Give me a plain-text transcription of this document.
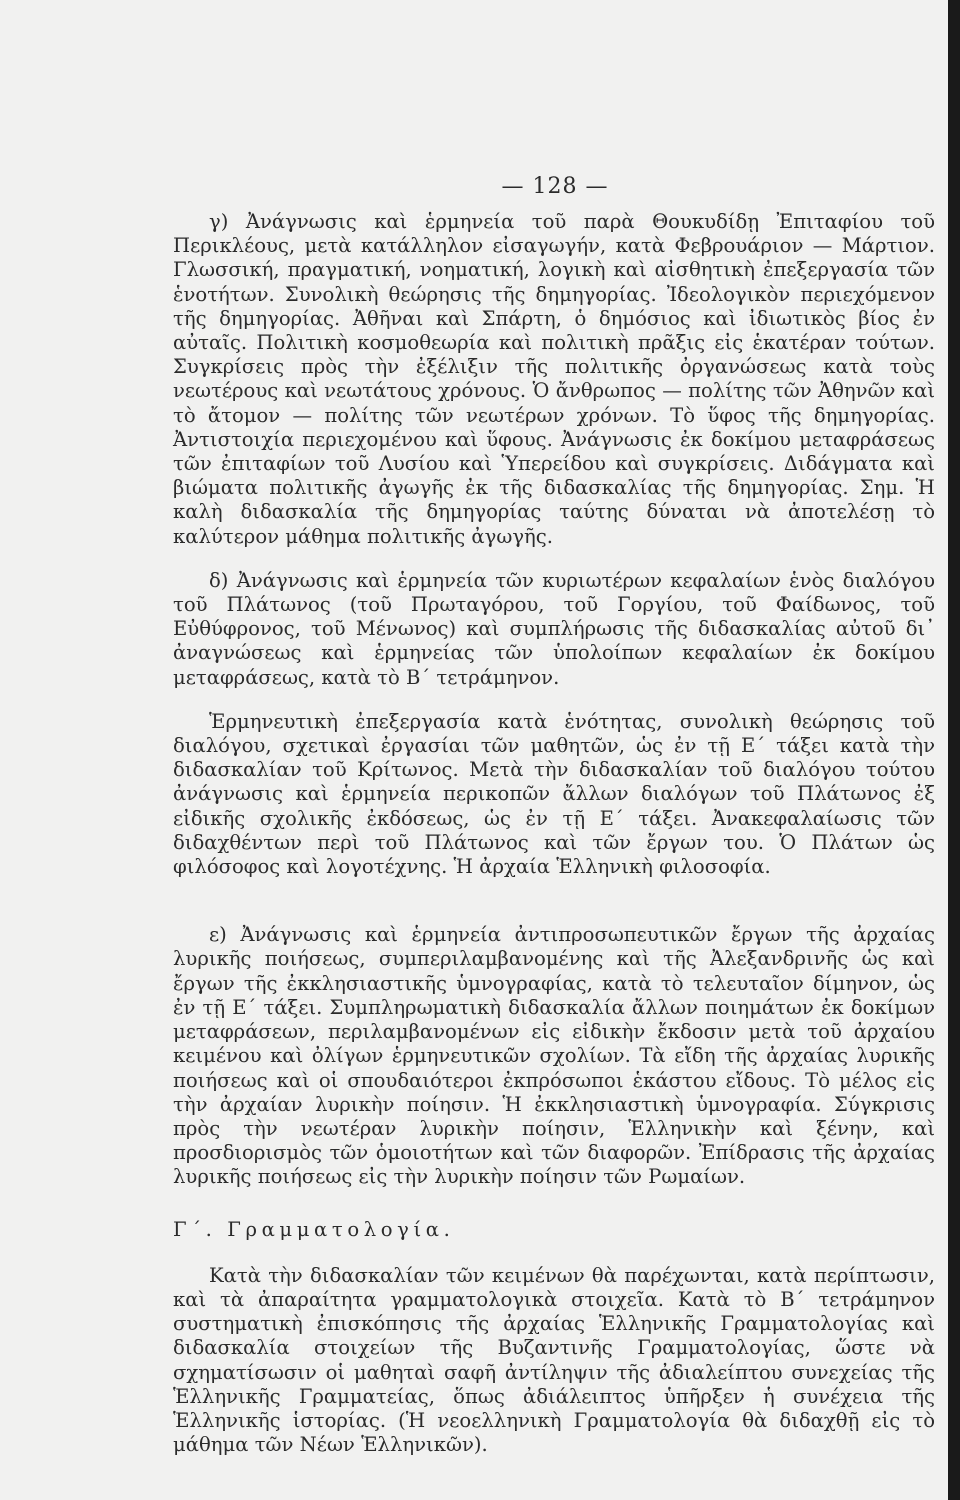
— 128 —

γ) Ἀνάγνωσις καὶ ἑρμηνεία τοῦ παρὰ Θουκυδίδῃ Ἐπιταφίου τοῦ Περικλέους, μετὰ κατάλληλον εἰσαγωγήν, κατὰ Φεβρουάριον — Μάρτιον. Γλωσσική, πραγματική, νοηματική, λογικὴ καὶ αἰσθητικὴ ἐπεξεργασία τῶν ἑνοτήτων. Συνολικὴ θεώρησις τῆς δημηγορίας. Ἰδεολογικὸν περιεχόμενον τῆς δημηγορίας. Ἀθῆναι καὶ Σπάρτη, ὁ δημόσιος καὶ ἰδιωτικὸς βίος ἐν αὐταῖς. Πολιτικὴ κοσμοθεωρία καὶ πολιτικὴ πρᾶξις εἰς ἑκατέραν τούτων. Συγκρίσεις πρὸς τὴν ἐξέλιξιν τῆς πολιτικῆς ὀργανώσεως κατὰ τοὺς νεωτέρους καὶ νεωτάτους χρόνους. Ὁ ἄνθρωπος — πολίτης τῶν Ἀθηνῶν καὶ τὸ ἄτομον — πολίτης τῶν νεωτέρων χρόνων. Τὸ ὕφος τῆς δημηγορίας. Ἀντιστοιχία περιεχομένου καὶ ὕφους. Ἀνάγνωσις ἐκ δοκίμου μεταφράσεως τῶν ἐπιταφίων τοῦ Λυσίου καὶ Ὑπερείδου καὶ συγκρίσεις. Διδάγματα καὶ βιώματα πολιτικῆς ἀγωγῆς ἐκ τῆς διδασκαλίας τῆς δημηγορίας. Σημ. Ἡ καλὴ διδασκαλία τῆς δημηγορίας ταύτης δύναται νὰ ἀποτελέσῃ τὸ καλύτερον μάθημα πολιτικῆς ἀγωγῆς.

δ) Ἀνάγνωσις καὶ ἑρμηνεία τῶν κυριωτέρων κεφαλαίων ἑνὸς διαλόγου τοῦ Πλάτωνος (τοῦ Πρωταγόρου, τοῦ Γοργίου, τοῦ Φαίδωνος, τοῦ Εὐθύφρονος, τοῦ Μένωνος) καὶ συμπλήρωσις τῆς διδασκαλίας αὐτοῦ δι᾿ ἀναγνώσεως καὶ ἑρμηνείας τῶν ὑπολοίπων κεφαλαίων ἐκ δοκίμου μεταφράσεως, κατὰ τὸ Β΄ τετράμηνον.

Ἑρμηνευτικὴ ἐπεξεργασία κατὰ ἑνότητας, συνολικὴ θεώρησις τοῦ διαλόγου, σχετικαὶ ἐργασίαι τῶν μαθητῶν, ὡς ἐν τῇ Ε΄ τάξει κατὰ τὴν διδασκαλίαν τοῦ Κρίτωνος. Μετὰ τὴν διδασκαλίαν τοῦ διαλόγου τούτου ἀνάγνωσις καὶ ἑρμηνεία περικοπῶν ἄλλων διαλόγων τοῦ Πλάτωνος ἐξ εἰδικῆς σχολικῆς ἐκδόσεως, ὡς ἐν τῇ Ε΄ τάξει. Ἀνακεφαλαίωσις τῶν διδαχθέντων περὶ τοῦ Πλάτωνος καὶ τῶν ἔργων του. Ὁ Πλάτων ὡς φιλόσοφος καὶ λογοτέχνης. Ἡ ἀρχαία Ἑλληνικὴ φιλοσοφία.

ε) Ἀνάγνωσις καὶ ἑρμηνεία ἀντιπροσωπευτικῶν ἔργων τῆς ἀρχαίας λυρικῆς ποιήσεως, συμπεριλαμβανομένης καὶ τῆς Ἀλεξανδρινῆς ὡς καὶ ἔργων τῆς ἐκκλησιαστικῆς ὑμνογραφίας, κατὰ τὸ τελευταῖον δίμηνον, ὡς ἐν τῇ Ε΄ τάξει. Συμπληρωματικὴ διδασκαλία ἄλλων ποιημάτων ἐκ δοκίμων μεταφράσεων, περιλαμβανομένων εἰς εἰδικὴν ἔκδοσιν μετὰ τοῦ ἀρχαίου κειμένου καὶ ὀλίγων ἑρμηνευτικῶν σχολίων. Τὰ εἴδη τῆς ἀρχαίας λυρικῆς ποιήσεως καὶ οἱ σπουδαιότεροι ἐκπρόσωποι ἑκάστου εἴδους. Τὸ μέλος εἰς τὴν ἀρχαίαν λυρικὴν ποίησιν. Ἡ ἐκκλησιαστικὴ ὑμνογραφία. Σύγκρισις πρὸς τὴν νεωτέραν λυρικὴν ποίησιν, Ἑλληνικὴν καὶ ξένην, καὶ προσδιορισμὸς τῶν ὁμοιοτήτων καὶ τῶν διαφορῶν. Ἐπίδρασις τῆς ἀρχαίας λυρικῆς ποιήσεως εἰς τὴν λυρικὴν ποίησιν τῶν Ρωμαίων.

Γ΄. Γραμματολογία.

Κατὰ τὴν διδασκαλίαν τῶν κειμένων θὰ παρέχωνται, κατὰ περίπτωσιν, καὶ τὰ ἀπαραίτητα γραμματολογικὰ στοιχεῖα. Κατὰ τὸ Β΄ τετράμηνον συστηματικὴ ἐπισκόπησις τῆς ἀρχαίας Ἑλληνικῆς Γραμματολογίας καὶ διδασκαλία στοιχείων τῆς Βυζαντινῆς Γραμματολογίας, ὥστε νὰ σχηματίσωσιν οἱ μαθηταὶ σαφῆ ἀντίληψιν τῆς ἀδιαλείπτου συνεχείας τῆς Ἑλληνικῆς Γραμματείας, ὅπως ἀδιάλειπτος ὑπῆρξεν ἡ συνέχεια τῆς Ἑλληνικῆς ἱστορίας. (Ἡ νεοελληνικὴ Γραμματολογία θὰ διδαχθῇ εἰς τὸ μάθημα τῶν Νέων Ἑλληνικῶν).
